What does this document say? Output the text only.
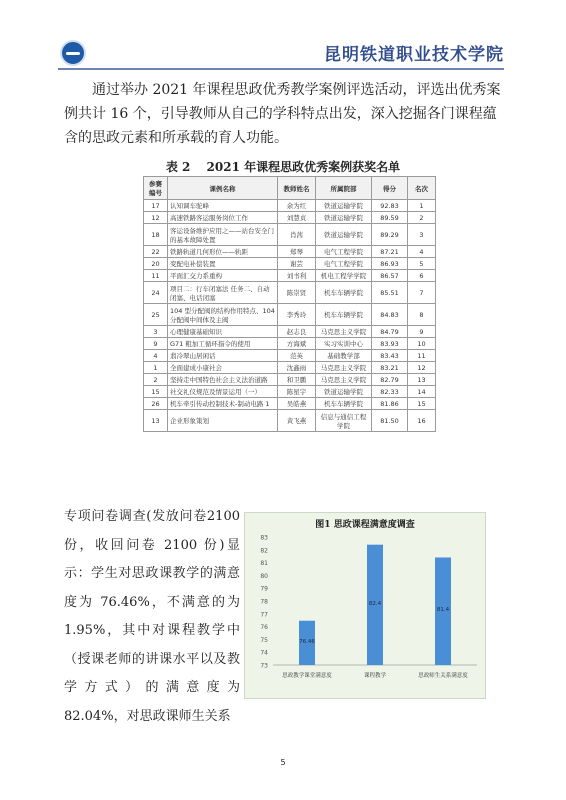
昆明铁道职业技术学院
通过举办 2021 年课程思政优秀教学案例评选活动，评选出优秀案例共计 16 个，引导教师从自己的学科特点出发，深入挖掘各门课程蕴含的思政元素和所承载的育人功能。
表 2　 2021 年课程思政优秀案例获奖名单
参赛编号	课例名称	教师姓名	所属院部	得分	名次
17	认知调车驼峰	余为红	铁道运输学院	92.83	1
12	高速铁路客运服务岗位工作	刘慧贞	铁道运输学院	89.59	2
18	客运设备维护应用之——站台安全门的基本故障处置	肖茜	铁道运输学院	89.29	3
22	铁路轨道几何形位——轨距	郑琴	电气工程学院	87.21	4
20	变配电补偿装置	谢芸	电气工程学院	86.93	5
11	平面汇交力系重构	刘书利	机电工程学学院	86.57	6
24	项目二：行车闭塞法 任务二、自动闭塞、电话闭塞	陈崇贤	机车车辆学院	85.51	7
25	104 型分配阀的结构作用特点、104 分配阀中间体及主阀	李秀玲	机车车辆学院	84.83	8
3	心理健康基础知识	赵志良	马克思主义学院	84.79	9
9	G71 粗加工循环指令的使用	方海斌	实习实训中心	83.93	10
4	翡冷翠山居闲话	范英	基础教学部	83.43	11
1	全面建成小康社会	沈鑫雨	马克思主义学院	83.21	12
2	坚持走中国特色社会主义法治道路	和卫鹏	马克思主义学院	82.79	13
15	社交礼仪规范及情景运用（一）	陈星宇	铁道运输学院	82.33	14
26	机车牵引传动控制技术-制动电路 1	吴皓燕	机车车辆学院	81.86	15
13	企业形象策划	黄飞燕	信息与通信工程学院	81.50	16
专项问卷调查(发放问卷2100 份，收回问卷 2100 份)显示：学生对思政课教学的满意度为 76.46%，不满意的为1.95%，其中对课程教学中（授课老师的讲课水平以及教学方式）的满意度为82.04%，对思政课师生关系
图1 思政课程满意度调查
73
74
75
76
77
78
79
80
81
82
83
76.46
思政教学课堂满意度
82.4
课程教学
81.4
思政师生关系满意度
5
